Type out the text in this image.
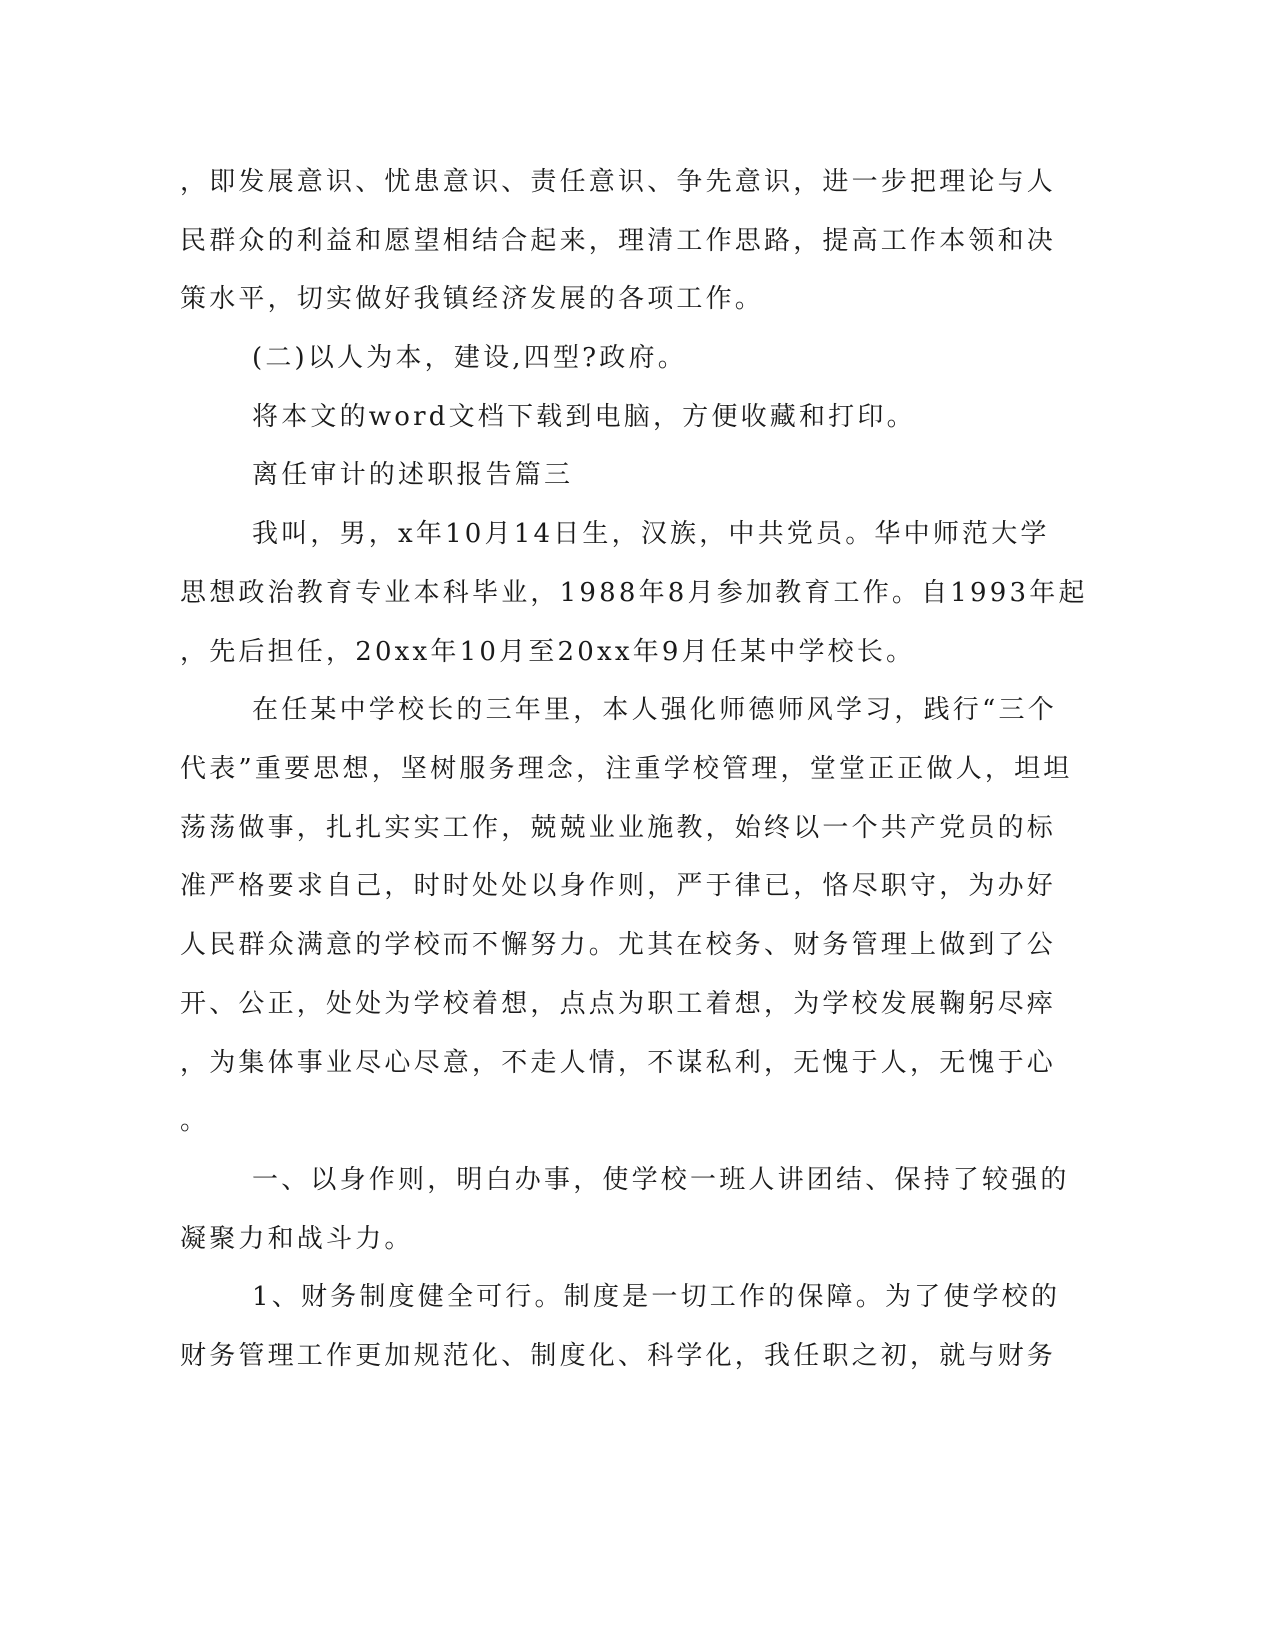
，即发展意识、忧患意识、责任意识、争先意识，进一步把理论与人
民群众的利益和愿望相结合起来，理清工作思路，提高工作本领和决
策水平，切实做好我镇经济发展的各项工作。
(二)以人为本，建设,四型?政府。
将本文的word文档下载到电脑，方便收藏和打印。
离任审计的述职报告篇三
我叫，男，x年10月14日生，汉族，中共党员。华中师范大学
思想政治教育专业本科毕业，1988年8月参加教育工作。自1993年起
，先后担任，20xx年10月至20xx年9月任某中学校长。
在任某中学校长的三年里，本人强化师德师风学习，践行“三个
代表”重要思想，坚树服务理念，注重学校管理，堂堂正正做人，坦坦
荡荡做事，扎扎实实工作，兢兢业业施教，始终以一个共产党员的标
准严格要求自己，时时处处以身作则，严于律已，恪尽职守，为办好
人民群众满意的学校而不懈努力。尤其在校务、财务管理上做到了公
开、公正，处处为学校着想，点点为职工着想，为学校发展鞠躬尽瘁
，为集体事业尽心尽意，不走人情，不谋私利，无愧于人，无愧于心
。
一、以身作则，明白办事，使学校一班人讲团结、保持了较强的
凝聚力和战斗力。
1、财务制度健全可行。制度是一切工作的保障。为了使学校的
财务管理工作更加规范化、制度化、科学化，我任职之初，就与财务
